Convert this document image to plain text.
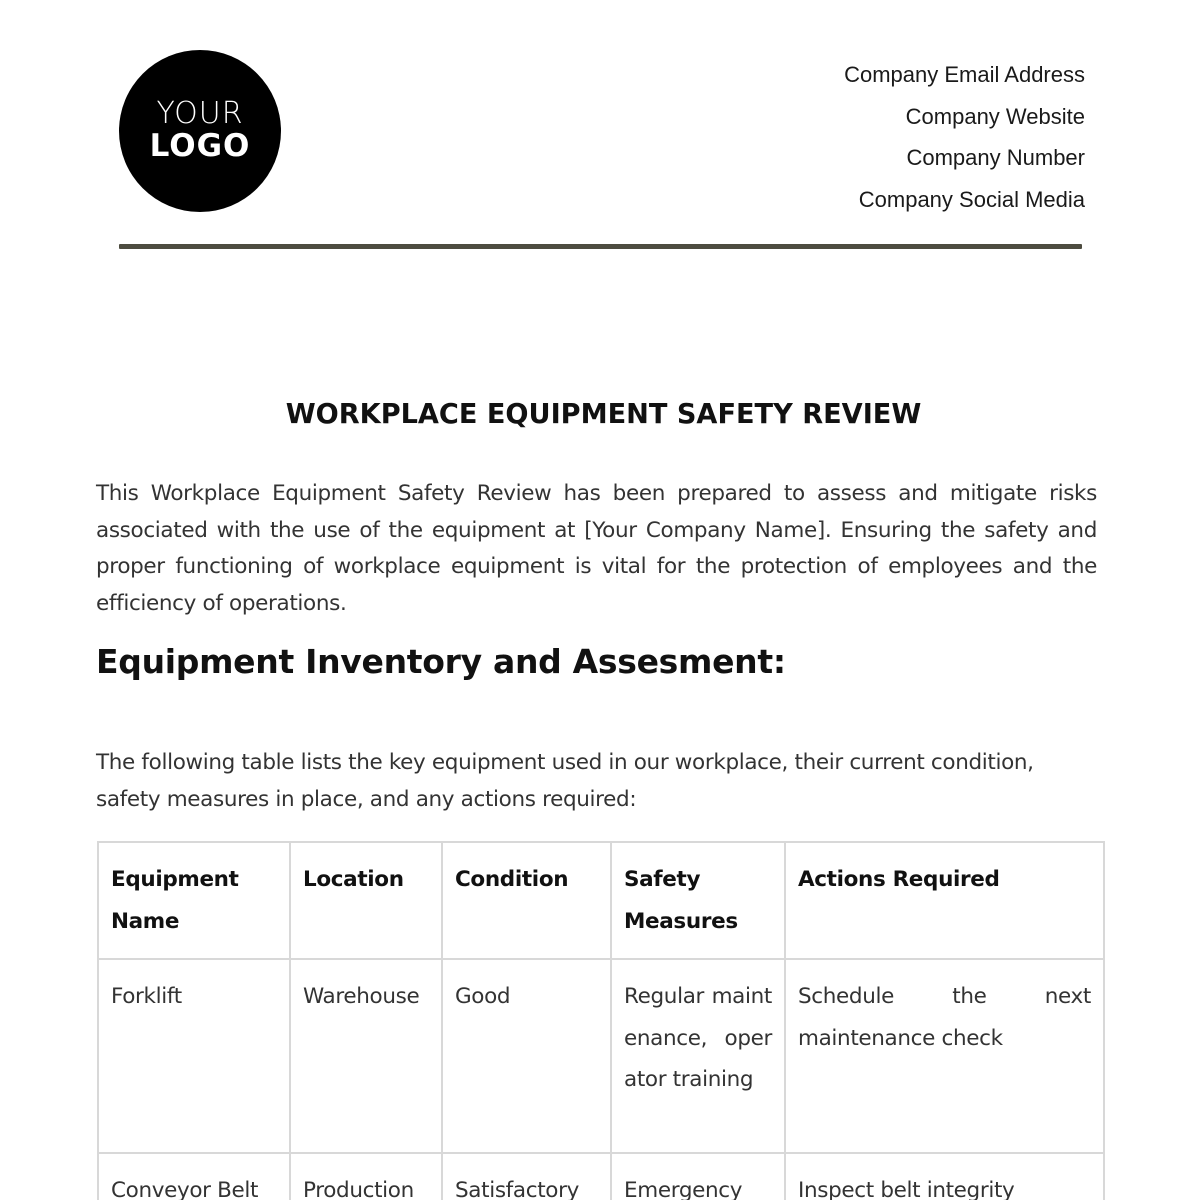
YOUR
LOGO
Company Email Address
Company Website
Company Number
Company Social Media
WORKPLACE EQUIPMENT SAFETY REVIEW

This Workplace Equipment Safety Review has been prepared to assess and mitigate risks associated with the use of the equipment at [Your Company Name]. Ensuring the safety and proper functioning of workplace equipment is vital for the protection of employees and the efficiency of operations.

Equipment Inventory and Assesment:

The following table lists the key equipment used in our workplace, their current condition, safety measures in place, and any actions required:

Equipment Name	Location	Condition	Safety Measures	Actions Required
Forklift	Warehouse	Good	Regular maintenance, operator training	Schedule the next maintenance check
Conveyor Belt	Production	Satisfactory	Emergency	Inspect belt integrity
